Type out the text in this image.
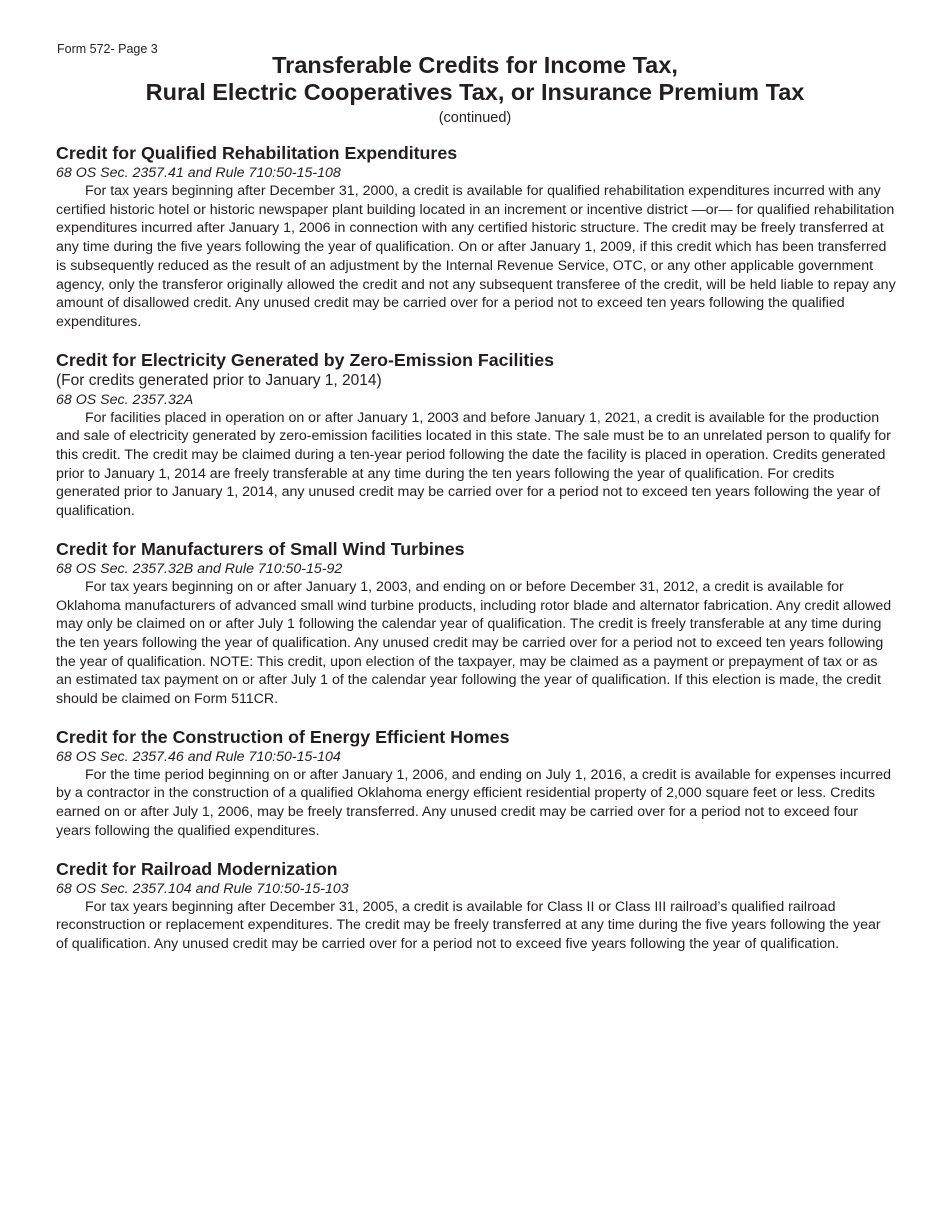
Form 572- Page 3
Transferable Credits for Income Tax,
Rural Electric Cooperatives Tax, or Insurance Premium Tax
(continued)
Credit for Qualified Rehabilitation Expenditures

68 OS Sec. 2357.41 and Rule 710:50-15-108

For tax years beginning after December 31, 2000, a credit is available for qualified rehabilitation expenditures incurred with any certified historic hotel or historic newspaper plant building located in an increment or incentive district —or— for qualified rehabilitation expenditures incurred after January 1, 2006 in connection with any certified historic structure. The credit may be freely transferred at any time during the five years following the year of qualification. On or after January 1, 2009, if this credit which has been transferred is subsequently reduced as the result of an adjustment by the Internal Revenue Service, OTC, or any other applicable government agency, only the transferor originally allowed the credit and not any subsequent transferee of the credit, will be held liable to repay any amount of disallowed credit. Any unused credit may be carried over for a period not to exceed ten years following the qualified expenditures.

Credit for Electricity Generated by Zero-Emission Facilities

(For credits generated prior to January 1, 2014)

68 OS Sec. 2357.32A

For facilities placed in operation on or after January 1, 2003 and before January 1, 2021, a credit is available for the production and sale of electricity generated by zero-emission facilities located in this state. The sale must be to an unrelated person to qualify for this credit. The credit may be claimed during a ten-year period following the date the facility is placed in operation. Credits generated prior to January 1, 2014 are freely transferable at any time during the ten years following the year of qualification. For credits generated prior to January 1, 2014, any unused credit may be carried over for a period not to exceed ten years following the year of qualification.

Credit for Manufacturers of Small Wind Turbines

68 OS Sec. 2357.32B and Rule 710:50-15-92

For tax years beginning on or after January 1, 2003, and ending on or before December 31, 2012, a credit is available for Oklahoma manufacturers of advanced small wind turbine products, including rotor blade and alternator fabrication. Any credit allowed may only be claimed on or after July 1 following the calendar year of qualification. The credit is freely transferable at any time during the ten years following the year of qualification. Any unused credit may be carried over for a period not to exceed ten years following the year of qualification. NOTE: This credit, upon election of the taxpayer, may be claimed as a payment or prepayment of tax or as an estimated tax payment on or after July 1 of the calendar year following the year of qualification. If this election is made, the credit should be claimed on Form 511CR.

Credit for the Construction of Energy Efficient Homes

68 OS Sec. 2357.46 and Rule 710:50-15-104

For the time period beginning on or after January 1, 2006, and ending on July 1, 2016, a credit is available for expenses incurred by a contractor in the construction of a qualified Oklahoma energy efficient residential property of 2,000 square feet or less. Credits earned on or after July 1, 2006, may be freely transferred. Any unused credit may be carried over for a period not to exceed four years following the qualified expenditures.

Credit for Railroad Modernization

68 OS Sec. 2357.104 and Rule 710:50-15-103

For tax years beginning after December 31, 2005, a credit is available for Class II or Class III railroad’s qualified railroad reconstruction or replacement expenditures. The credit may be freely transferred at any time during the five years following the year of qualification. Any unused credit may be carried over for a period not to exceed five years following the year of qualification.
